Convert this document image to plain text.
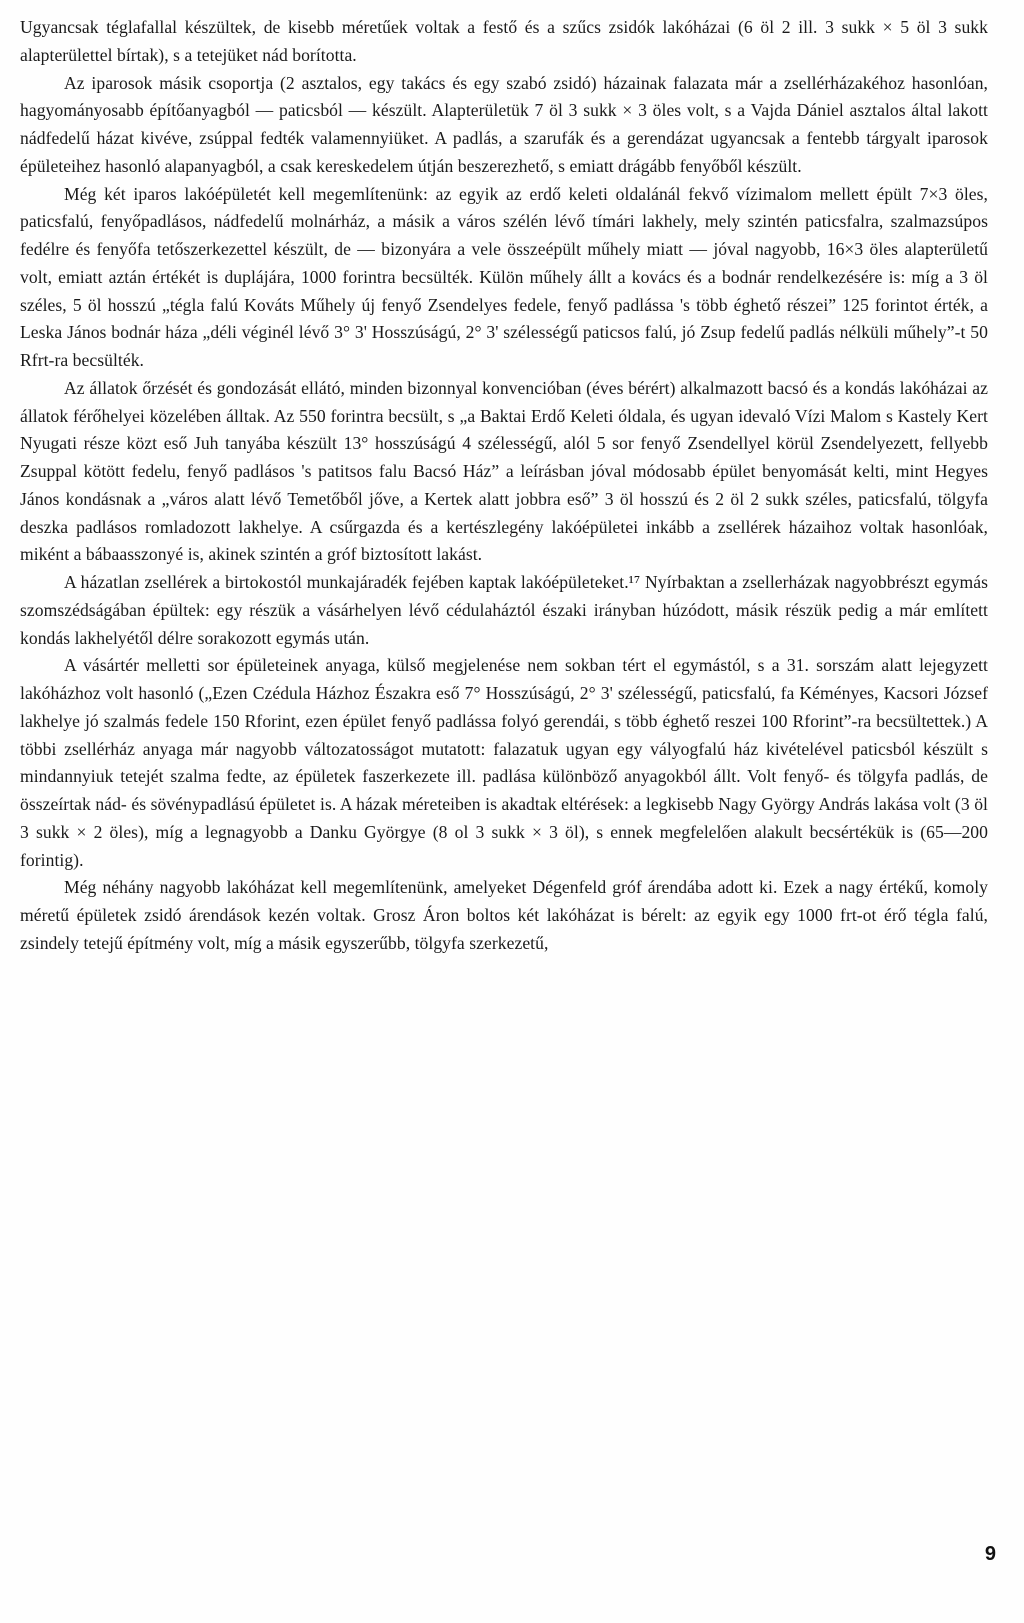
Ugyancsak téglafallal készültek, de kisebb méretűek voltak a festő és a szűcs zsidók lakóházai (6 öl 2 ill. 3 sukk × 5 öl 3 sukk alapterülettel bírtak), s a tetejüket nád borította.

Az iparosok másik csoportja (2 asztalos, egy takács és egy szabó zsidó) házainak falazata már a zsellérházakéhoz hasonlóan, hagyományosabb építőanyagból — paticsból — készült. Alapterületük 7 öl 3 sukk × 3 öles volt, s a Vajda Dániel asztalos által lakott nádfedelű házat kivéve, zsúppal fedték valamennyiüket. A padlás, a szarufák és a gerendázat ugyancsak a fentebb tárgyalt iparosok épületeihez hasonló alapanyagból, a csak kereskedelem útján beszerezhető, s emiatt drágább fenyőből készült.

Még két iparos lakóépületét kell megemlítenünk: az egyik az erdő keleti oldalánál fekvő vízimalom mellett épült 7×3 öles, paticsfalú, fenyőpadlásos, nádfedelű molnárház, a másik a város szélén lévő tímári lakhely, mely szintén paticsfalra, szalmazsúpos fedélre és fenyőfa tetőszerkezettel készült, de — bizonyára a vele összeépült műhely miatt — jóval nagyobb, 16×3 öles alapterületű volt, emiatt aztán értékét is duplájára, 1000 forintra becsülték. Külön műhely állt a kovács és a bodnár rendelkezésére is: míg a 3 öl széles, 5 öl hosszú „tégla falú Kováts Műhely új fenyő Zsendelyes fedele, fenyő padlássa 's több éghető részei” 125 forintot érték, a Leska János bodnár háza „déli véginél lévő 3° 3' Hosszúságú, 2° 3' szélességű paticsos falú, jó Zsup fedelű padlás nélküli műhely”-t 50 Rfrt-ra becsülték.

Az állatok őrzését és gondozását ellátó, minden bizonnyal konvencióban (éves bérért) alkalmazott bacsó és a kondás lakóházai az állatok férőhelyei közelében álltak. Az 550 forintra becsült, s „a Baktai Erdő Keleti óldala, és ugyan idevaló Vízi Malom s Kastely Kert Nyugati része közt eső Juh tanyába készült 13° hosszúságú 4 szélességű, alól 5 sor fenyő Zsendellyel körül Zsendelyezett, fellyebb Zsuppal kötött fedelu, fenyő padlásos 's patitsos falu Bacsó Ház” a leírásban jóval módosabb épület benyomását kelti, mint Hegyes János kondásnak a „város alatt lévő Temetőből jőve, a Kertek alatt jobbra eső” 3 öl hosszú és 2 öl 2 sukk széles, paticsfalú, tölgyfa deszka padlásos romladozott lakhelye. A csűrgazda és a kertészlegény lakóépületei inkább a zsellérek házaihoz voltak hasonlóak, miként a bábaasszonyé is, akinek szintén a gróf biztosított lakást.

A házatlan zsellérek a birtokostól munkajáradék fejében kaptak lakóépületeket.¹⁷ Nyírbaktan a zsellerházak nagyobbrészt egymás szomszédságában épültek: egy részük a vásárhelyen lévő cédulaháztól északi irányban húzódott, másik részük pedig a már említett kondás lakhelyétől délre sorakozott egymás után.

A vásártér melletti sor épületeinek anyaga, külső megjelenése nem sokban tért el egymástól, s a 31. sorszám alatt lejegyzett lakóházhoz volt hasonló („Ezen Czédula Házhoz Északra eső 7° Hosszúságú, 2° 3' szélességű, paticsfalú, fa Kéményes, Kacsori József lakhelye jó szalmás fedele 150 Rforint, ezen épület fenyő padlássa folyó gerendái, s több éghető reszei 100 Rforint”-ra becsültettek.) A többi zsellérház anyaga már nagyobb változatosságot mutatott: falazatuk ugyan egy vályogfalú ház kivételével paticsból készült s mindannyiuk tetejét szalma fedte, az épületek faszerkezete ill. padlása különböző anyagokból állt. Volt fenyő- és tölgyfa padlás, de összeírtak nád- és sövénypadlású épületet is. A házak méreteiben is akadtak eltérések: a legkisebb Nagy György András lakása volt (3 öl 3 sukk × 2 öles), míg a legnagyobb a Danku Györgye (8 ol 3 sukk × 3 öl), s ennek megfelelően alakult becsértékük is (65—200 forintig).

Még néhány nagyobb lakóházat kell megemlítenünk, amelyeket Dégenfeld gróf árendába adott ki. Ezek a nagy értékű, komoly méretű épületek zsidó árendások kezén voltak. Grosz Áron boltos két lakóházat is bérelt: az egyik egy 1000 frt-ot érő tégla falú, zsindely tetejű építmény volt, míg a másik egyszerűbb, tölgyfa szerkezetű,

9
